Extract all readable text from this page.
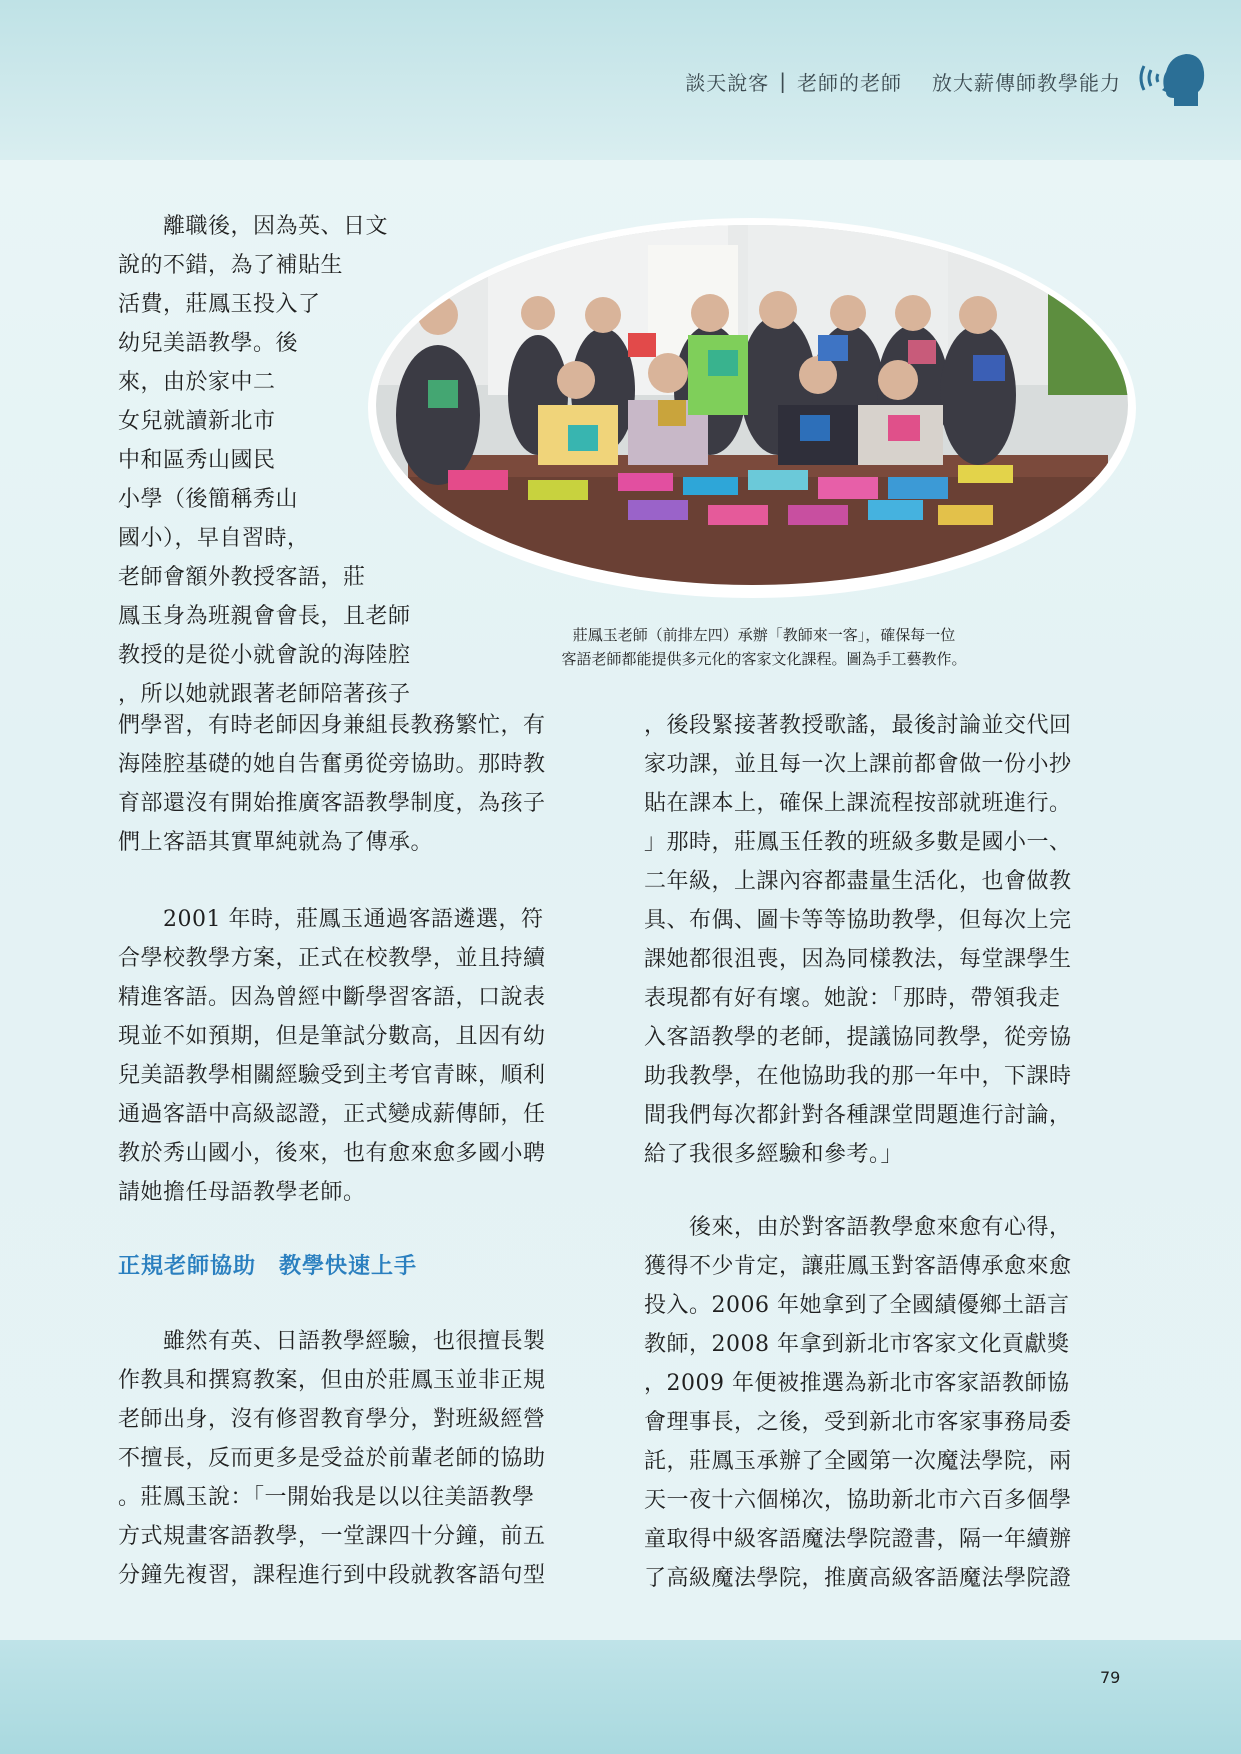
談天說客 | 老師的老師 放大薪傳師教學能力
莊鳳玉老師（前排左四）承辦「教師來一客」，確保每一位
客語老師都能提供多元化的客家文化課程。圖為手工藝教作。

　　離職後，因為英、日文
說的不錯，為了補貼生
活費，莊鳳玉投入了
幼兒美語教學。後
來，由於家中二
女兒就讀新北市
中和區秀山國民
小學（後簡稱秀山
國小），早自習時，
老師會額外教授客語，莊
鳳玉身為班親會會長，且老師
教授的是從小就會說的海陸腔
，所以她就跟著老師陪著孩子

們學習，有時老師因身兼組長教務繁忙，有
海陸腔基礎的她自告奮勇從旁協助。那時教
育部還沒有開始推廣客語教學制度，為孩子
們上客語其實單純就為了傳承。

　　2001 年時，莊鳳玉通過客語遴選，符
合學校教學方案，正式在校教學，並且持續
精進客語。因為曾經中斷學習客語，口說表
現並不如預期，但是筆試分數高，且因有幼
兒美語教學相關經驗受到主考官青睞，順利
通過客語中高級認證，正式變成薪傳師，任
教於秀山國小，後來，也有愈來愈多國小聘
請她擔任母語教學老師。

正規老師協助　教學快速上手

　　雖然有英、日語教學經驗，也很擅長製
作教具和撰寫教案，但由於莊鳳玉並非正規
老師出身，沒有修習教育學分，對班級經營
不擅長，反而更多是受益於前輩老師的協助
。莊鳳玉說：「一開始我是以以往美語教學
方式規畫客語教學，一堂課四十分鐘，前五
分鐘先複習，課程進行到中段就教客語句型

，後段緊接著教授歌謠，最後討論並交代回
家功課，並且每一次上課前都會做一份小抄
貼在課本上，確保上課流程按部就班進行。
」那時，莊鳳玉任教的班級多數是國小一、
二年級，上課內容都盡量生活化，也會做教
具、布偶、圖卡等等協助教學，但每次上完
課她都很沮喪，因為同樣教法，每堂課學生
表現都有好有壞。她說：「那時，帶領我走
入客語教學的老師，提議協同教學，從旁協
助我教學，在他協助我的那一年中，下課時
間我們每次都針對各種課堂問題進行討論，
給了我很多經驗和參考。」

　　後來，由於對客語教學愈來愈有心得，
獲得不少肯定，讓莊鳳玉對客語傳承愈來愈
投入。2006 年她拿到了全國績優鄉土語言
教師，2008 年拿到新北市客家文化貢獻獎
，2009 年便被推選為新北市客家語教師協
會理事長，之後，受到新北市客家事務局委
託，莊鳳玉承辦了全國第一次魔法學院，兩
天一夜十六個梯次，協助新北市六百多個學
童取得中級客語魔法學院證書，隔一年續辦
了高級魔法學院，推廣高級客語魔法學院證

79
